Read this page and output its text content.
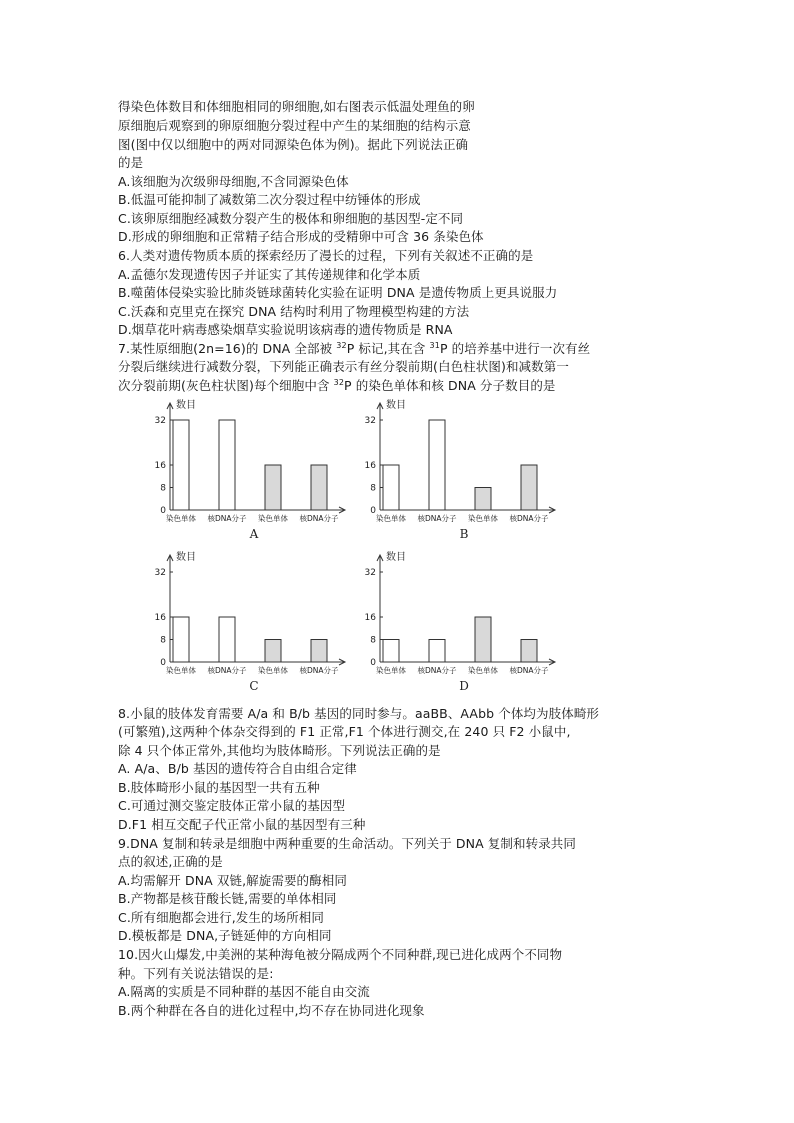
得染色体数目和体细胞相同的卵细胞,如右图表示低温处理鱼的卵
原细胞后观察到的卵原细胞分裂过程中产生的某细胞的结构示意
图(图中仅以细胞中的两对同源染色体为例)。据此下列说法正确
的是
A.该细胞为次级卵母细胞,不含同源染色体
B.低温可能抑制了减数第二次分裂过程中纺锤体的形成
C.该卵原细胞经减数分裂产生的极体和卵细胞的基因型-定不同
D.形成的卵细胞和正常精子结合形成的受精卵中可含 36 条染色体
6.人类对遗传物质本质的探索经历了漫长的过程，下列有关叙述不正确的是
A.孟德尔发现遗传因子并证实了其传递规律和化学本质
B.噬菌体侵染实验比肺炎链球菌转化实验在证明 DNA 是遗传物质上更具说服力
C.沃森和克里克在探究 DNA 结构时利用了物理模型构建的方法
D.烟草花叶病毒感染烟草实验说明该病毒的遗传物质是 RNA
7.某性原细胞(2n=16)的 DNA 全部被 $^{32}$P 标记,其在含 $^{31}$P 的培养基中进行一次有丝
分裂后继续进行减数分裂，下列能正确表示有丝分裂前期(白色柱状图)和减数第一
次分裂前期(灰色柱状图)每个细胞中含 $^{32}$P 的染色单体和核 DNA 分子数目的是
数目
0
8
16
32
染色单体 核DNA分子 染色单体 核DNA分子
A
数目
0
8
16
32
染色单体 核DNA分子 染色单体 核DNA分子
B
数目
0
8
16
32
染色单体 核DNA分子 染色单体 核DNA分子
C
数目
0
8
16
32
染色单体 核DNA分子 染色单体 核DNA分子
D
8.小鼠的肢体发育需要 A/a 和 B/b 基因的同时参与。aaBB、AAbb 个体均为肢体畸形
(可繁殖),这两种个体杂交得到的 F1 正常,F1 个体进行测交,在 240 只 F2 小鼠中,
除 4 只个体正常外,其他均为肢体畸形。下列说法正确的是
A. A/a、B/b 基因的遗传符合自由组合定律
B.肢体畸形小鼠的基因型一共有五种
C.可通过测交鉴定肢体正常小鼠的基因型
D.F1 相互交配子代正常小鼠的基因型有三种
9.DNA 复制和转录是细胞中两种重要的生命活动。下列关于 DNA 复制和转录共同
点的叙述,正确的是
A.均需解开 DNA 双链,解旋需要的酶相同
B.产物都是核苷酸长链,需要的单体相同
C.所有细胞都会进行,发生的场所相同
D.模板都是 DNA,子链延伸的方向相同
10.因火山爆发,中美洲的某种海龟被分隔成两个不同种群,现已进化成两个不同物
种。下列有关说法错误的是:
A.隔离的实质是不同种群的基因不能自由交流
B.两个种群在各自的进化过程中,均不存在协同进化现象
